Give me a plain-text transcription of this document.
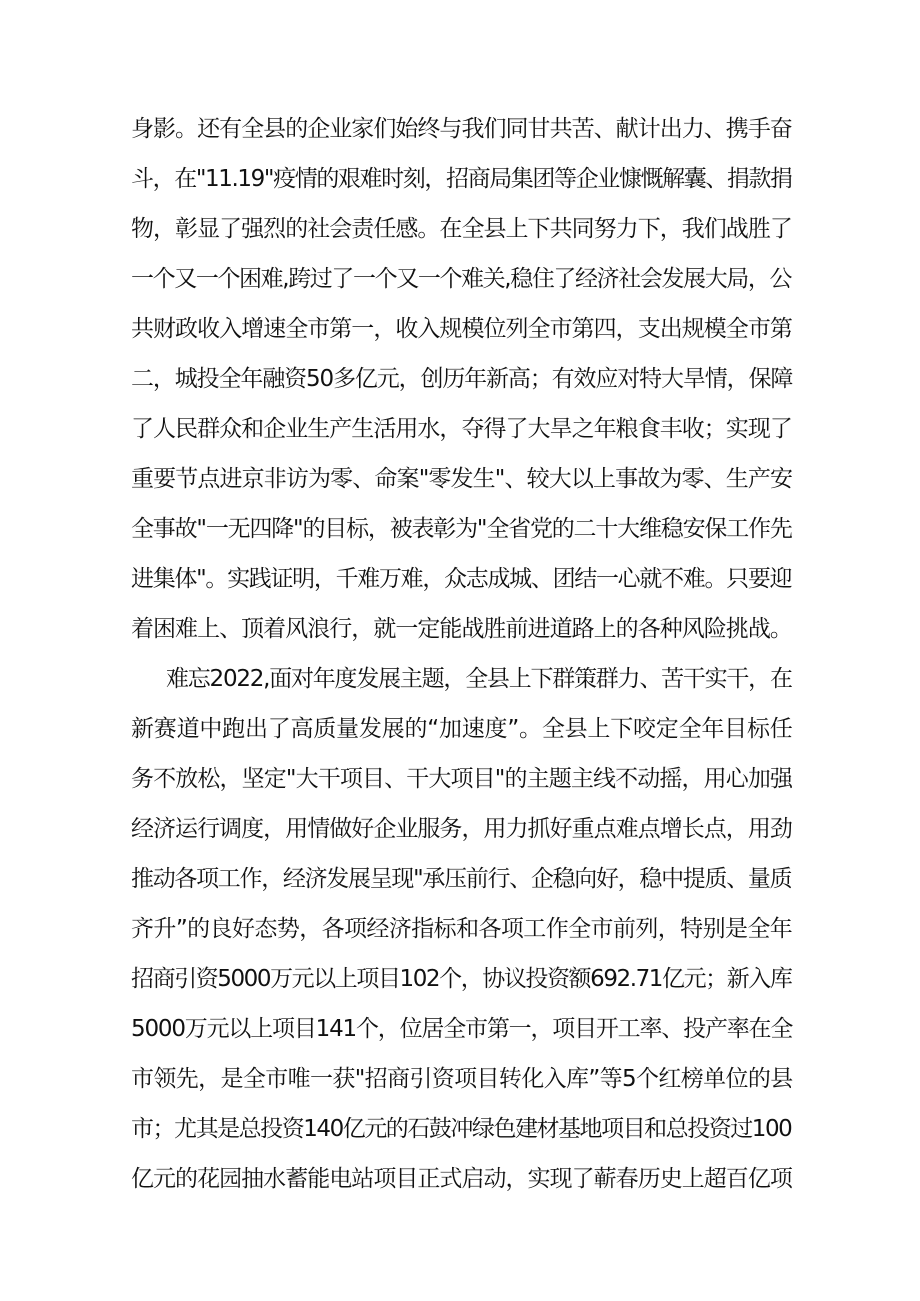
身影。还有全县的企业家们始终与我们同甘共苦、献计出力、携手奋
斗，在"11.19"疫情的艰难时刻，招商局集团等企业慷慨解囊、捐款捐
物，彰显了强烈的社会责任感。在全县上下共同努力下，我们战胜了
一个又一个困难,跨过了一个又一个难关,稳住了经济社会发展大局，公
共财政收入增速全市第一，收入规模位列全市第四，支出规模全市第
二，城投全年融资50多亿元，创历年新高；有效应对特大旱情，保障
了人民群众和企业生产生活用水，夺得了大旱之年粮食丰收；实现了
重要节点进京非访为零、命案"零发生"、较大以上事故为零、生产安
全事故"一无四降"的目标，被表彰为"全省党的二十大维稳安保工作先
进集体"。实践证明，千难万难，众志成城、团结一心就不难。只要迎
着困难上、顶着风浪行，就一定能战胜前进道路上的各种风险挑战。
难忘2022,面对年度发展主题，全县上下群策群力、苦干实干，在
新赛道中跑出了高质量发展的“加速度”。全县上下咬定全年目标任
务不放松，坚定"大干项目、干大项目"的主题主线不动摇，用心加强
经济运行调度，用情做好企业服务，用力抓好重点难点增长点，用劲
推动各项工作，经济发展呈现"承压前行、企稳向好，稳中提质、量质
齐升”的良好态势，各项经济指标和各项工作全市前列，特别是全年
招商引资5000万元以上项目102个，协议投资额692.71亿元；新入库
5000万元以上项目141个，位居全市第一，项目开工率、投产率在全
市领先，是全市唯一获"招商引资项目转化入库”等5个红榜单位的县
市；尤其是总投资140亿元的石鼓冲绿色建材基地项目和总投资过100
亿元的花园抽水蓄能电站项目正式启动，实现了蕲春历史上超百亿项
